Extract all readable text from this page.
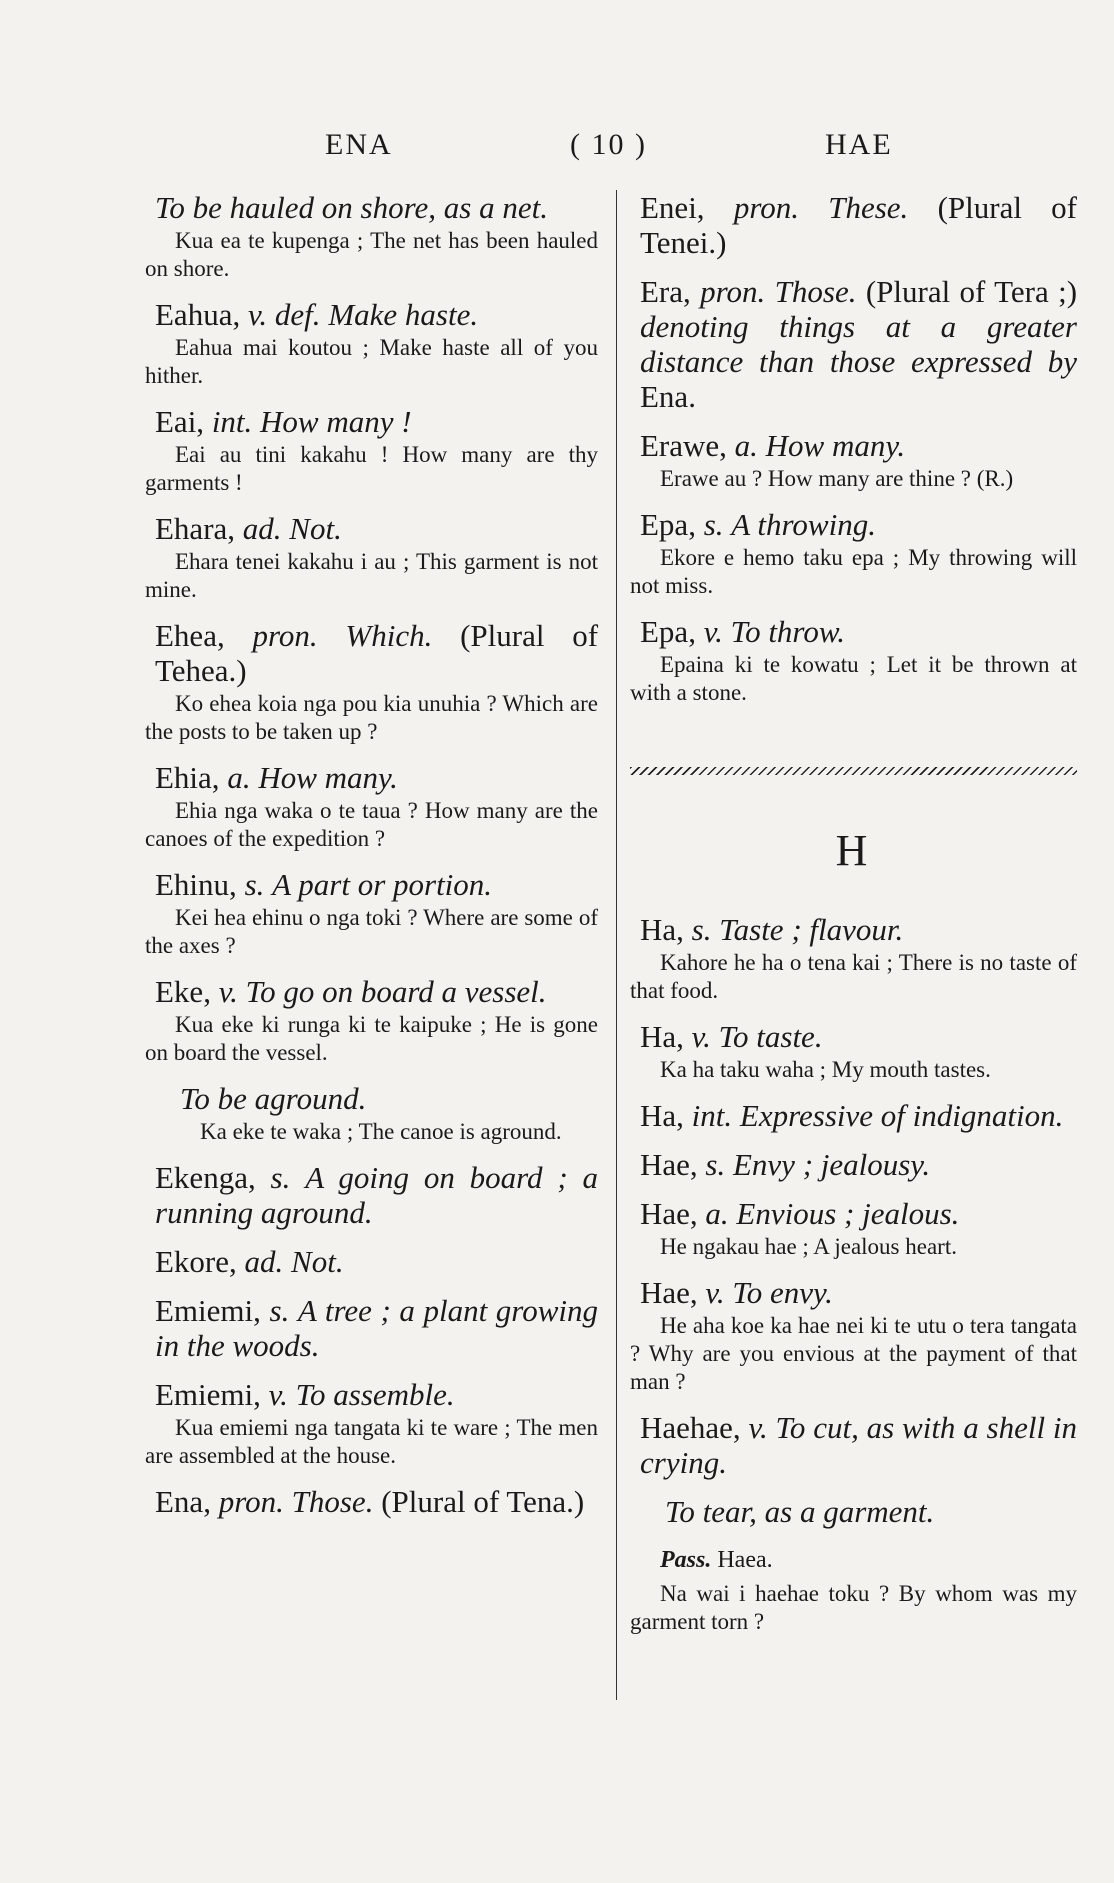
ENA	( 10 )	HAE
To be hauled on shore, as a net.
Kua ea te kupenga ; The net has been hauled on shore.
Eahua, v. def. Make haste.
Eahua mai koutou ; Make haste all of you hither.
Eai, int. How many !
Eai au tini kakahu ! How many are thy garments !
Ehara, ad. Not.
Ehara tenei kakahu i au ; This garment is not mine.
Ehea, pron. Which. (Plural of Tehea.)
Ko ehea koia nga pou kia unuhia ? Which are the posts to be taken up ?
Ehia, a. How many.
Ehia nga waka o te taua ? How many are the canoes of the expedition ?
Ehinu, s. A part or portion.
Kei hea ehinu o nga toki ? Where are some of the axes ?
Eke, v. To go on board a vessel.
Kua eke ki runga ki te kaipuke ; He is gone on board the vessel.
To be aground.
Ka eke te waka ; The canoe is aground.
Ekenga, s. A going on board ; a running aground.
Ekore, ad. Not.
Emiemi, s. A tree ; a plant growing in the woods.
Emiemi, v. To assemble.
Kua emiemi nga tangata ki te ware ; The men are assembled at the house.
Ena, pron. Those. (Plural of Tena.)
Enei, pron. These. (Plural of Tenei.)
Era, pron. Those. (Plural of Tera ;) denoting things at a greater distance than those expressed by Ena.
Erawe, a. How many.
Erawe au ? How many are thine ? (R.)
Epa, s. A throwing.
Ekore e hemo taku epa ; My throwing will not miss.
Epa, v. To throw.
Epaina ki te kowatu ; Let it be thrown at with a stone.
H
Ha, s. Taste ; flavour.
Kahore he ha o tena kai ; There is no taste of that food.
Ha, v. To taste.
Ka ha taku waha ; My mouth tastes.
Ha, int. Expressive of indignation.
Hae, s. Envy ; jealousy.
Hae, a. Envious ; jealous.
He ngakau hae ; A jealous heart.
Hae, v. To envy.
He aha koe ka hae nei ki te utu o tera tangata ? Why are you envious at the payment of that man ?
Haehae, v. To cut, as with a shell in crying.
To tear, as a garment.
Pass. Haea.
Na wai i haehae toku ? By whom was my garment torn ?
